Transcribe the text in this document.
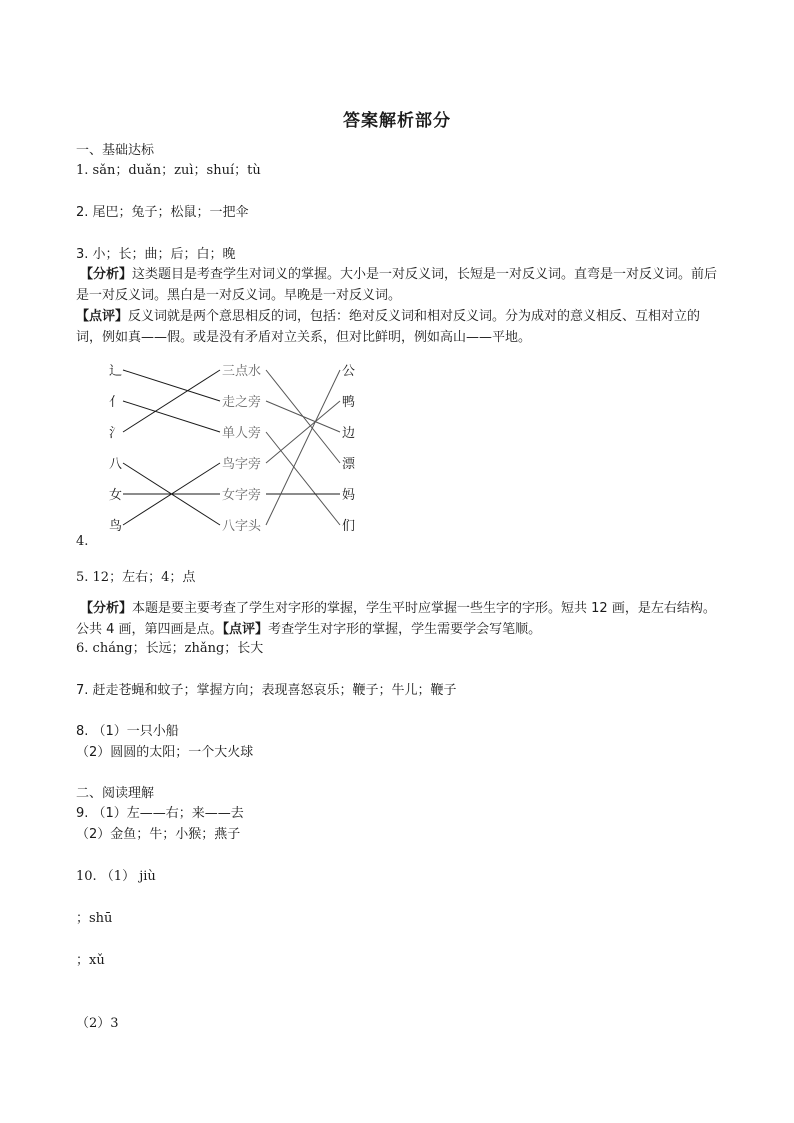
答案解析部分
一、基础达标
1. sǎn；duǎn；zuì；shuí；tù
2. 尾巴；兔子；松鼠；一把伞
3. 小；长；曲；后；白；晚
【分析】这类题目是考查学生对词义的掌握。大小是一对反义词，长短是一对反义词。直弯是一对反义词。前后是一对反义词。黑白是一对反义词。早晚是一对反义词。
【点评】反义词就是两个意思相反的词，包括：绝对反义词和相对反义词。分为成对的意义相反、互相对立的词，例如真——假。或是没有矛盾对立关系，但对比鲜明，例如高山——平地。
辶
亻
氵
八
女
鸟
三点水
走之旁
单人旁
鸟字旁
女字旁
八字头
公
鸭
边
漂
妈
们
4.
5. 12；左右；4；点
【分析】本题是要主要考查了学生对字形的掌握，学生平时应掌握一些生字的字形。短共 12 画，是左右结构。公共 4 画，第四画是点。【点评】考查学生对字形的掌握，学生需要学会写笔顺。
6. cháng；长远；zhǎng；长大
7. 赶走苍蝇和蚊子；掌握方向；表现喜怒哀乐；鞭子；牛儿；鞭子
8. （1）一只小船
（2）圆圆的太阳；一个大火球
二、阅读理解
9. （1）左——右；来——去
（2）金鱼；牛；小猴；燕子
10. （1） jiù
；shū
；xǔ
（2）3
